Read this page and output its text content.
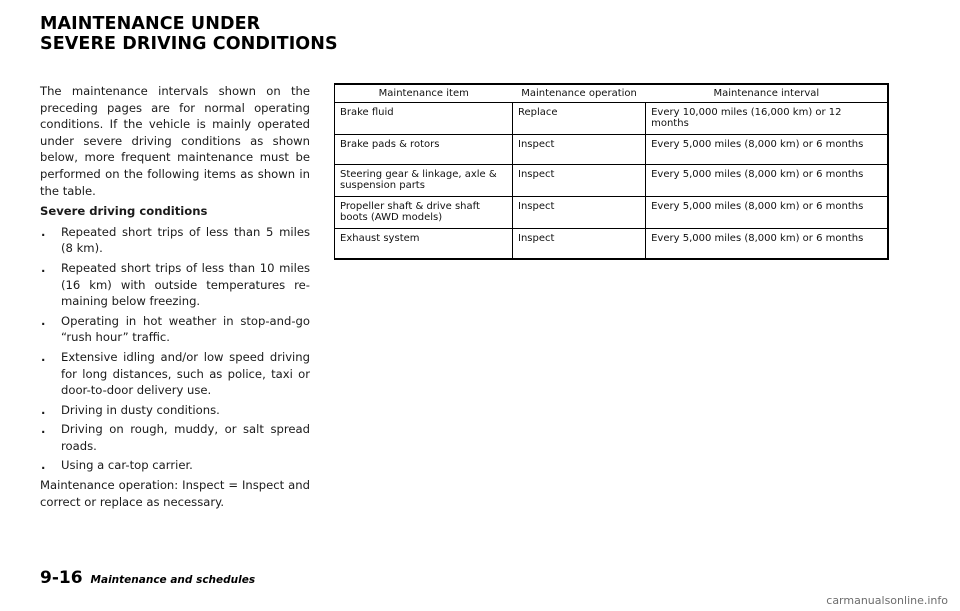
MAINTENANCE UNDER SEVERE DRIVING CONDITIONS

The maintenance intervals shown on the preceding pages are for normal operating conditions. If the vehicle is mainly operated under severe driving conditions as shown below, more frequent maintenance must be performed on the following items as shown in the table.

Severe driving conditions

. Repeated short trips of less than 5 miles (8 km).
. Repeated short trips of less than 10 miles (16 km) with outside temperatures re- maining below freezing.
. Operating in hot weather in stop-and-go “rush hour” traffic.
. Extensive idling and/or low speed driving for long distances, such as police, taxi or door-to-door delivery use.
. Driving in dusty conditions.
. Driving on rough, muddy, or salt spread roads.
. Using a car-top carrier.

Maintenance operation: Inspect = Inspect and correct or replace as necessary.

Maintenance item	Maintenance operation	Maintenance interval
Brake fluid	Replace	Every 10,000 miles (16,000 km) or 12 months
Brake pads & rotors	Inspect	Every 5,000 miles (8,000 km) or 6 months
Steering gear & linkage, axle & suspension parts	Inspect	Every 5,000 miles (8,000 km) or 6 months
Propeller shaft & drive shaft boots (AWD models)	Inspect	Every 5,000 miles (8,000 km) or 6 months
Exhaust system	Inspect	Every 5,000 miles (8,000 km) or 6 months
9-16 Maintenance and schedules
carmanualsonline.info
